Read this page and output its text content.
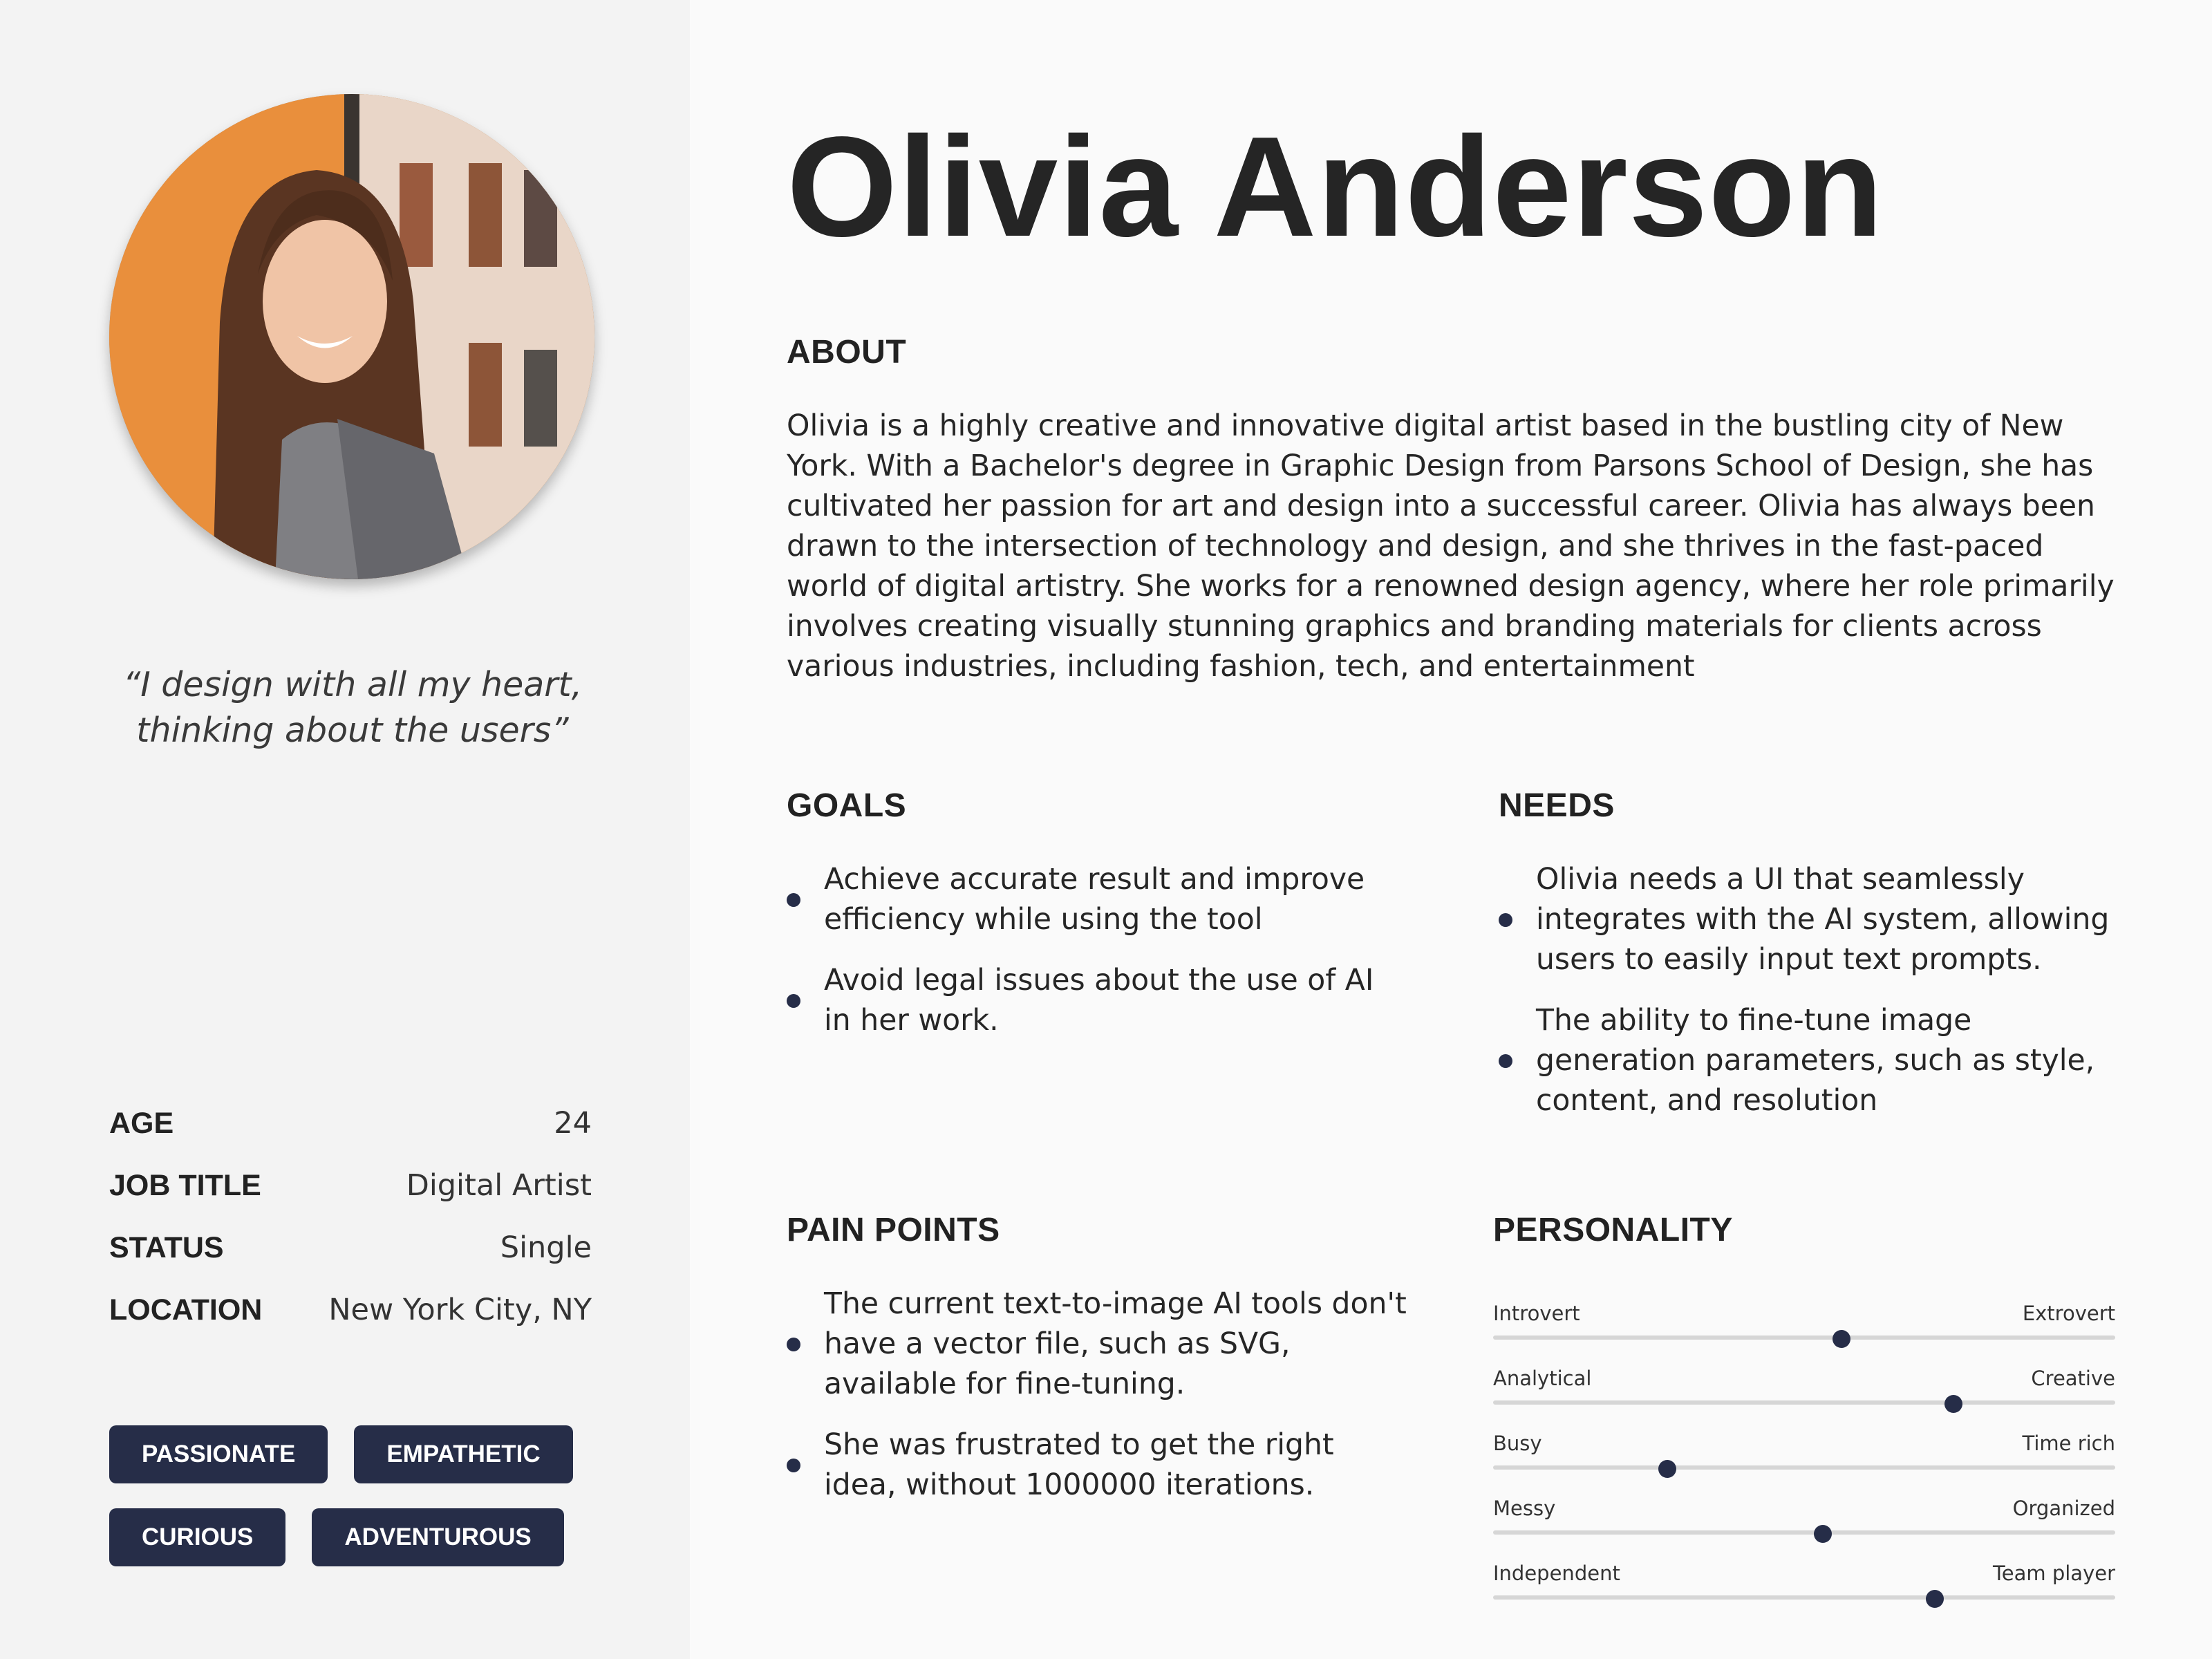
“I design with all my heart, thinking about the users”
AGE	24
JOB TITLE	Digital Artist
STATUS	Single
LOCATION New York City, NY
PASSIONATE	EMPATHETIC
CURIOUS	ADVENTUROUS
Olivia Anderson
ABOUT
Olivia is a highly creative and innovative digital artist based in the bustling city of New York. With a Bachelor's degree in Graphic Design from Parsons School of Design, she has cultivated her passion for art and design into a successful career. Olivia has always been drawn to the intersection of technology and design, and she thrives in the fast-paced world of digital artistry. She works for a renowned design agency, where her role primarily involves creating visually stunning graphics and branding materials for clients across various industries, including fashion, tech, and entertainment
GOALS
Achieve accurate result and improve efficiency while using the tool
Avoid legal issues about the use of AI in her work.
NEEDS
Olivia needs a UI that seamlessly integrates with the AI system, allowing users to easily input text prompts.
The ability to fine-tune image generation parameters, such as style, content, and resolution
PAIN POINTS
The current text-to-image AI tools don't have a vector file, such as SVG, available for fine-tuning.
She was frustrated to get the right idea, without 1000000 iterations.
PERSONALITY
Introvert	Extrovert
Analytical	Creative
Busy	Time rich
Messy	Organized
Independent	Team player
